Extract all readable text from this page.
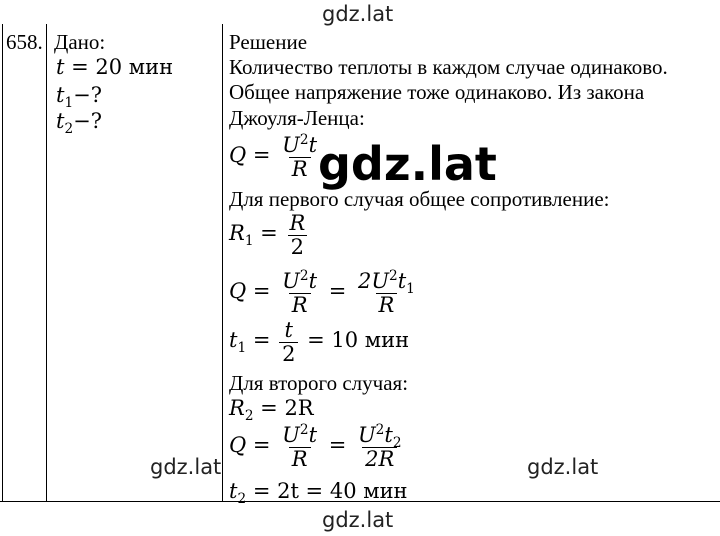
658. Дано:
t = 20 мин
$t_1-$?
$t_2-$?
Решение
Количество теплоты в каждом случае одинаково.
Общее напряжение тоже одинаково. Из закона
Джоуля-Ленца:
$Q = \frac{U^2t}{R}$
Для первого случая общее сопротивление:
$R_1 = \frac{R}{2}$
$Q = \frac{U^2t}{R} = \frac{2U^2t_1}{R}$
$t_1 = \frac{t}{2} = 10$ мин
Для второго случая:
$R_2 = 2R$
$Q = \frac{U^2t}{R} = \frac{U^2t_2}{2R}$
$t_2 = 2t = 40$ мин
gdz.lat
gdz.lat
gdz.lat	gdz.lat
gdz.lat
